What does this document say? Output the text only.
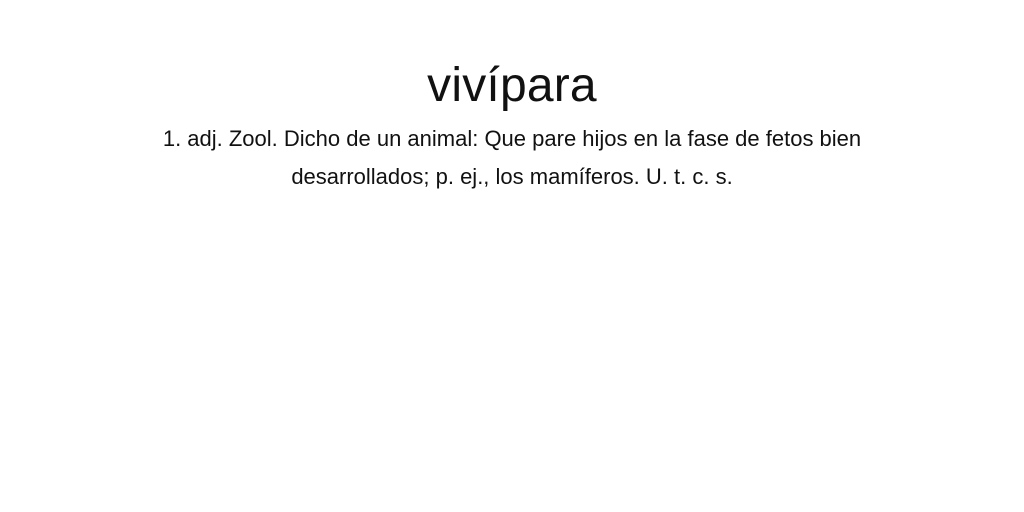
vivípara

1. adj. Zool. Dicho de un animal: Que pare hijos en la fase de fetos bien desarrollados; p. ej., los mamíferos. U. t. c. s.
